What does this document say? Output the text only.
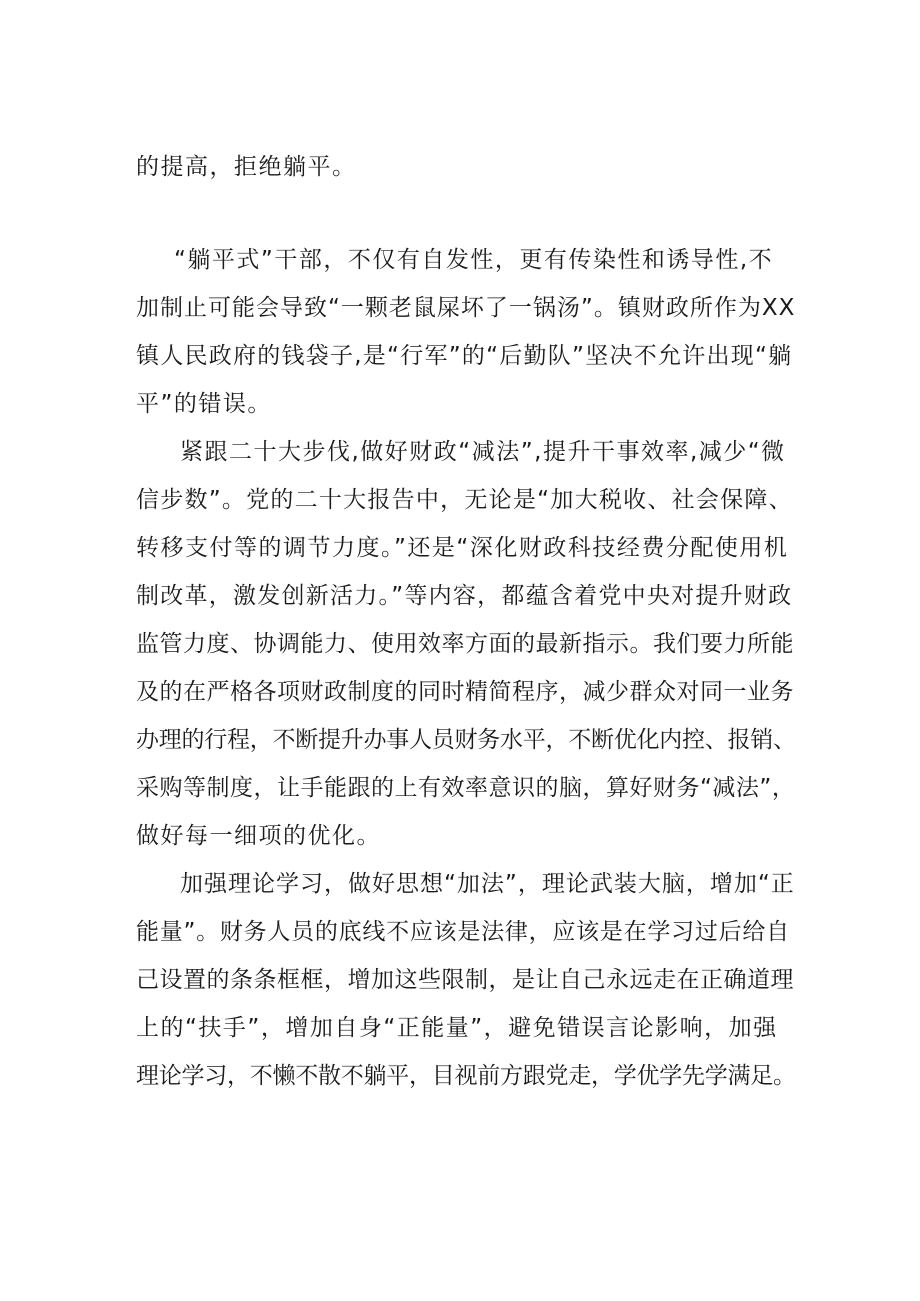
的提高，拒绝躺平。
“躺平式”干部，不仅有自发性，更有传染性和诱导性,不
加制止可能会导致“一颗老鼠屎坏了一锅汤”。镇财政所作为XX
镇人民政府的钱袋子,是“行军”的“后勤队”坚决不允许出现“躺
平”的错误。
紧跟二十大步伐,做好财政“减法”,提升干事效率,减少“微
信步数”。党的二十大报告中，无论是“加大税收、社会保障、
转移支付等的调节力度。”还是“深化财政科技经费分配使用机
制改革，激发创新活力。”等内容，都蕴含着党中央对提升财政
监管力度、协调能力、使用效率方面的最新指示。我们要力所能
及的在严格各项财政制度的同时精简程序，减少群众对同一业务
办理的行程，不断提升办事人员财务水平，不断优化内控、报销、
采购等制度，让手能跟的上有效率意识的脑，算好财务“减法”，
做好每一细项的优化。
加强理论学习，做好思想“加法”，理论武装大脑，增加“正
能量”。财务人员的底线不应该是法律，应该是在学习过后给自
己设置的条条框框，增加这些限制，是让自己永远走在正确道理
上的“扶手”，增加自身“正能量”，避免错误言论影响，加强
理论学习，不懒不散不躺平，目视前方跟党走，学优学先学满足。
